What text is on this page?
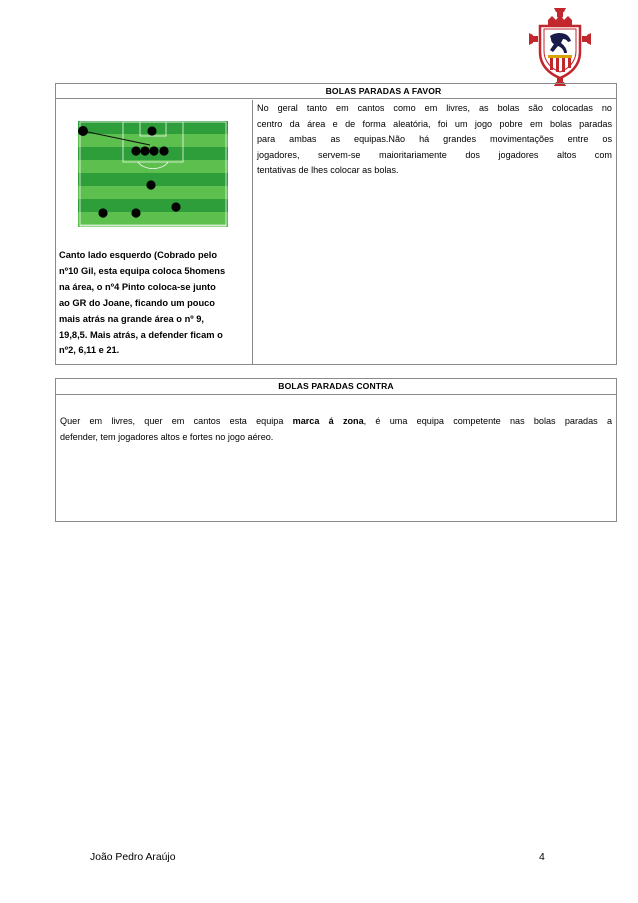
BOLAS PARADAS A FAVOR
Canto lado esquerdo (Cobrado pelo
nº10 Gil, esta equipa coloca 5homens
na área, o nº4 Pinto coloca-se junto
ao GR do Joane, ficando um pouco
mais atrás na grande área o nº 9,
19,8,5. Mais atrás, a defender ficam o
nº2, 6,11 e 21.
No geral tanto em cantos como em livres, as bolas são colocadas no
centro da área e de forma aleatória, foi um jogo pobre em bolas paradas
para ambas as equipas.Não há grandes movimentações entre os
jogadores, servem-se maioritariamente dos jogadores altos com
tentativas de lhes colocar as bolas.
BOLAS PARADAS CONTRA
Quer em livres, quer em cantos esta equipa marca á zona, é uma equipa competente nas bolas paradas a
defender, tem jogadores altos e fortes no jogo aéreo.
João Pedro Araújo	4
